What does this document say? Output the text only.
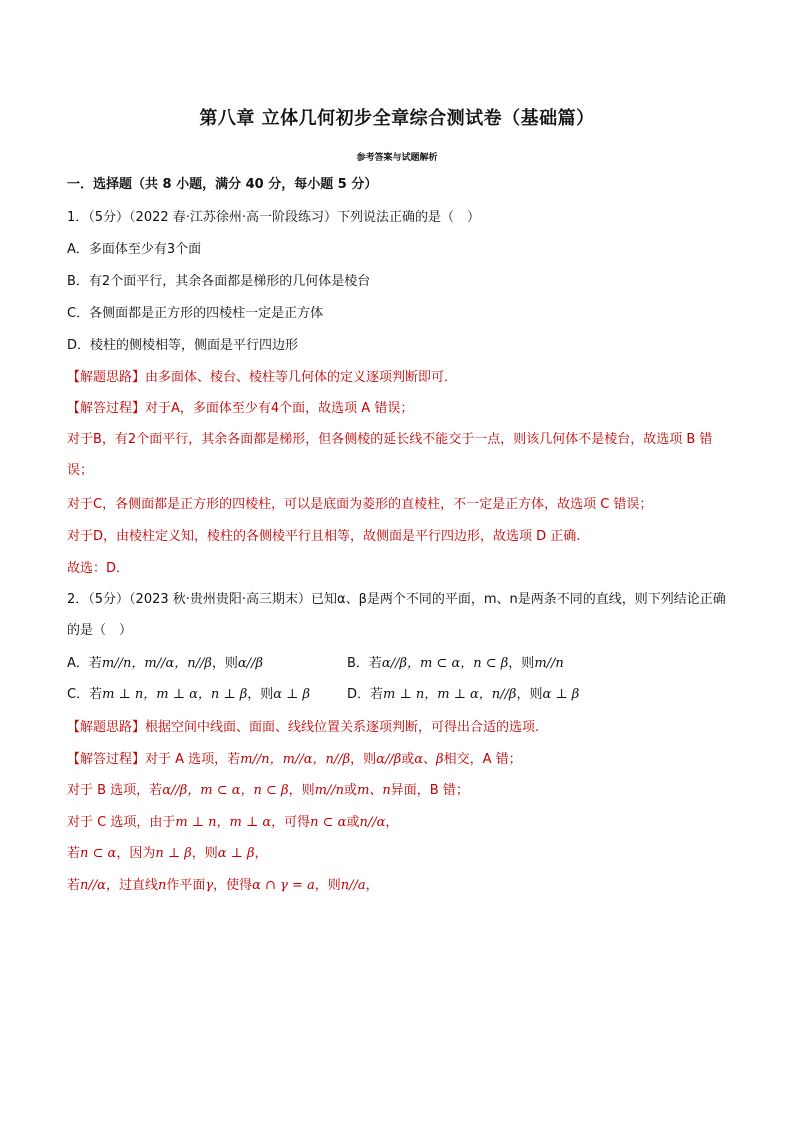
第八章 立体几何初步全章综合测试卷（基础篇）
参考答案与试题解析
一．选择题（共 8 小题，满分 40 分，每小题 5 分）
1．（5分）（2022 春·江苏徐州·高一阶段练习）下列说法正确的是（　）
A．多面体至少有3个面
B．有2个面平行，其余各面都是梯形的几何体是棱台
C．各侧面都是正方形的四棱柱一定是正方体
D．棱柱的侧棱相等，侧面是平行四边形
【解题思路】由多面体、棱台、棱柱等几何体的定义逐项判断即可．
【解答过程】对于A，多面体至少有4个面，故选项 A 错误；
对于B，有2个面平行，其余各面都是梯形，但各侧棱的延长线不能交于一点，则该几何体不是棱台，故选项 B 错误；
对于C，各侧面都是正方形的四棱柱，可以是底面为菱形的直棱柱，不一定是正方体，故选项 C 错误；
对于D，由棱柱定义知，棱柱的各侧棱平行且相等，故侧面是平行四边形，故选项 D 正确.
故选：D．
2．（5分）（2023 秋·贵州贵阳·高三期末）已知α、β是两个不同的平面，m、n是两条不同的直线，则下列结论正确的是（　）
A．若m//n，m//α，n//β，则α//β	B．若α//β，m ⊂ α，n ⊂ β，则m//n
C．若m ⊥ n，m ⊥ α，n ⊥ β，则α ⊥ β	D．若m ⊥ n，m ⊥ α，n//β，则α ⊥ β
【解题思路】根据空间中线面、面面、线线位置关系逐项判断，可得出合适的选项.
【解答过程】对于 A 选项，若m//n，m//α，n//β，则α//β或α、β相交，A 错；
对于 B 选项，若α//β，m ⊂ α，n ⊂ β，则m//n或m、n异面，B 错；
对于 C 选项，由于m ⊥ n，m ⊥ α，可得n ⊂ α或n//α，
若n ⊂ α，因为n ⊥ β，则α ⊥ β，
若n//α，过直线n作平面γ，使得α ∩ γ = a，则n//a，
